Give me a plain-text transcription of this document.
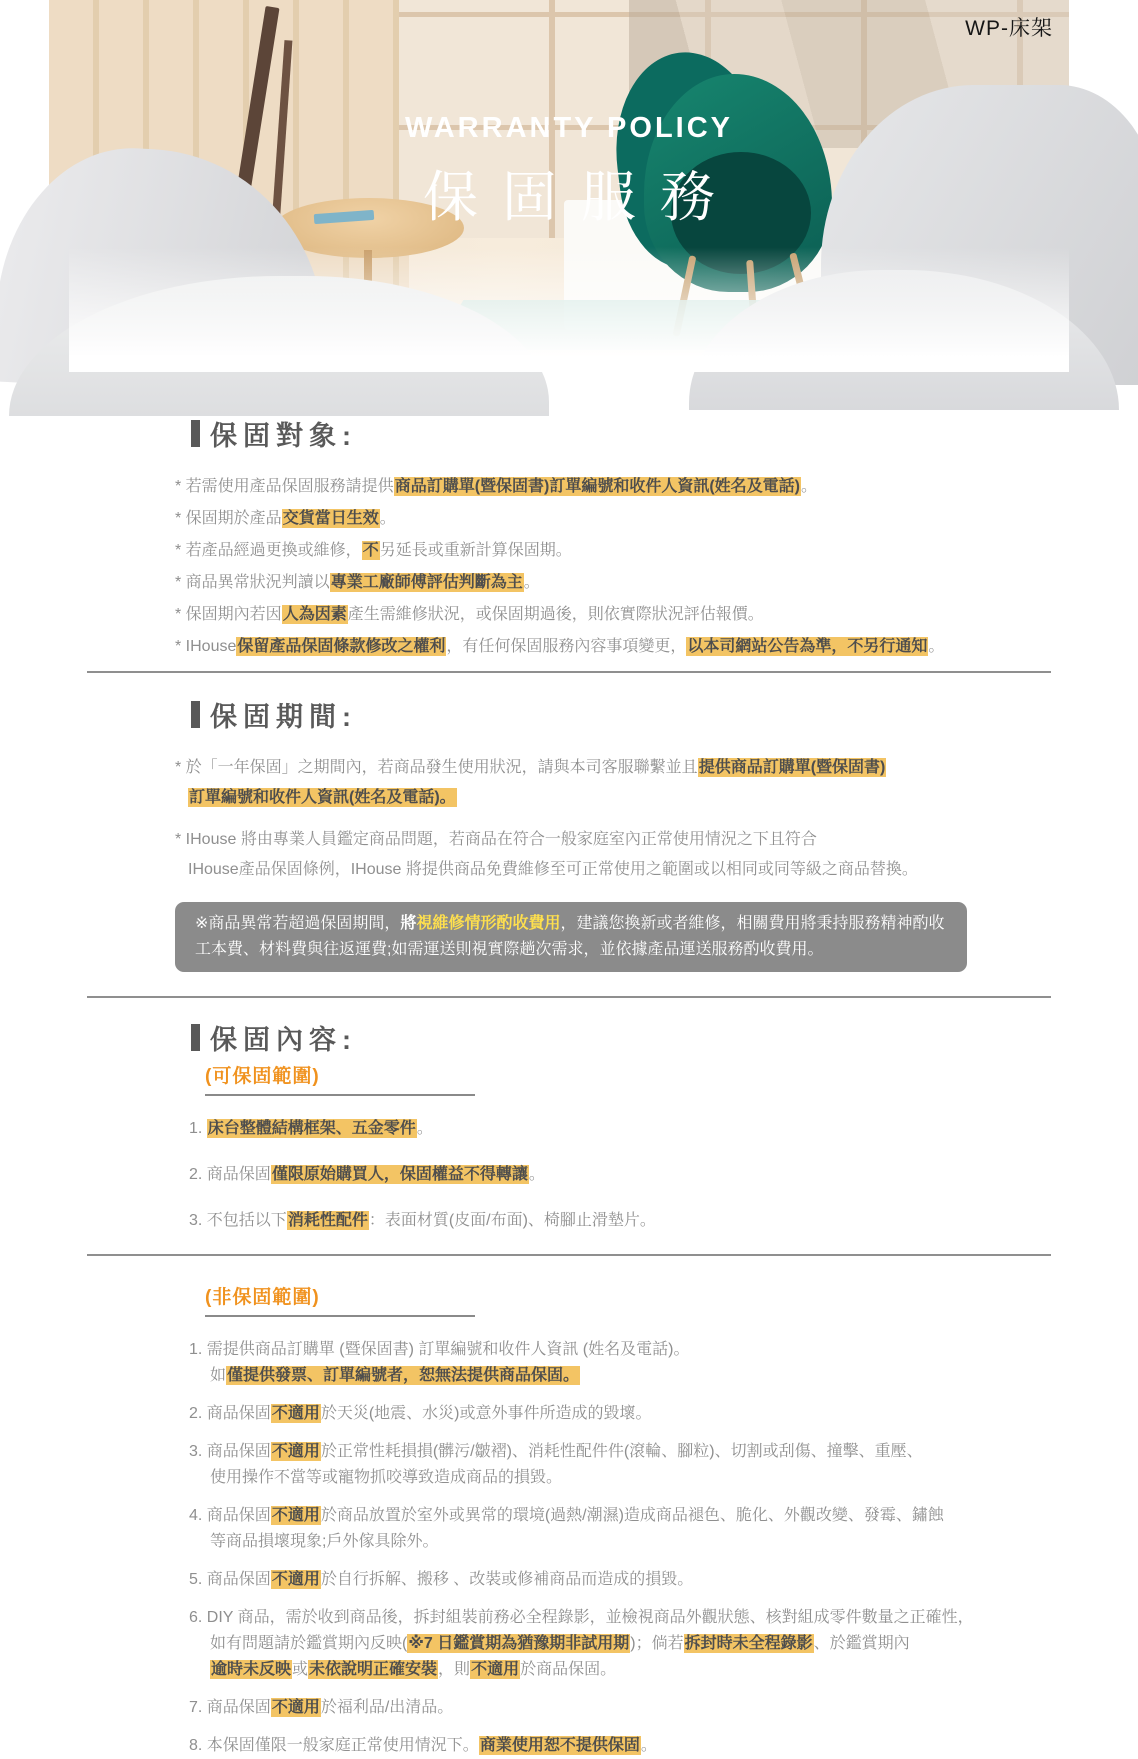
WARRANTY POLICY
保固服務
WP-床架
保固對象:
* 若需使用產品保固服務請提供商品訂購單(暨保固書)訂單編號和收件人資訊(姓名及電話)。
* 保固期於產品交貨當日生效。
* 若產品經過更換或維修，不另延長或重新計算保固期。
* 商品異常狀況判讀以專業工廠師傅評估判斷為主。
* 保固期內若因人為因素產生需維修狀況，或保固期過後，則依實際狀況評估報價。
* IHouse保留產品保固條款修改之權利，有任何保固服務內容事項變更，以本司網站公告為準，不另行通知。
保固期間:
* 於「一年保固」之期間內，若商品發生使用狀況，請與本司客服聯繫並且提供商品訂購單(暨保固書)
訂單編號和收件人資訊(姓名及電話)。
* IHouse 將由專業人員鑑定商品問題，若商品在符合一般家庭室內正常使用情況之下且符合
IHouse產品保固條例，IHouse 將提供商品免費維修至可正常使用之範圍或以相同或同等級之商品替換。
※商品異常若超過保固期間，將視維修情形酌收費用，建議您換新或者維修，相關費用將秉持服務精神酌收
工本費、材料費與往返運費;如需運送則視實際趟次需求，並依據產品運送服務酌收費用。
保固內容:
(可保固範圍)
1. 床台整體結構框架、五金零件。
2. 商品保固僅限原始購買人，保固權益不得轉讓。
3. 不包括以下消耗性配件：表面材質(皮面/布面)、椅腳止滑墊片。
(非保固範圍)
1. 需提供商品訂購單 (暨保固書) 訂單編號和收件人資訊 (姓名及電話)。
如僅提供發票、訂單編號者，恕無法提供商品保固。
2. 商品保固不適用於天災(地震、水災)或意外事件所造成的毀壞。
3. 商品保固不適用於正常性耗損損(髒污/皺褶)、消耗性配件件(滾輪、腳粒)、切割或刮傷、撞擊、重壓、
使用操作不當等或寵物抓咬導致造成商品的損毀。
4. 商品保固不適用於商品放置於室外或異常的環境(過熱/潮濕)造成商品褪色、脆化、外觀改變、發霉、鏽蝕
等商品損壞現象;戶外傢具除外。
5. 商品保固不適用於自行拆解、搬移 、改裝或修補商品而造成的損毀。
6. DIY 商品，需於收到商品後，拆封組裝前務必全程錄影，並檢視商品外觀狀態、核對組成零件數量之正確性，
如有問題請於鑑賞期內反映(※7 日鑑賞期為猶豫期非試用期)；倘若拆封時未全程錄影、於鑑賞期內
逾時未反映或未依說明正確安裝，則不適用於商品保固。
7. 商品保固不適用於福利品/出清品。
8. 本保固僅限一般家庭正常使用情況下。商業使用恕不提供保固。
